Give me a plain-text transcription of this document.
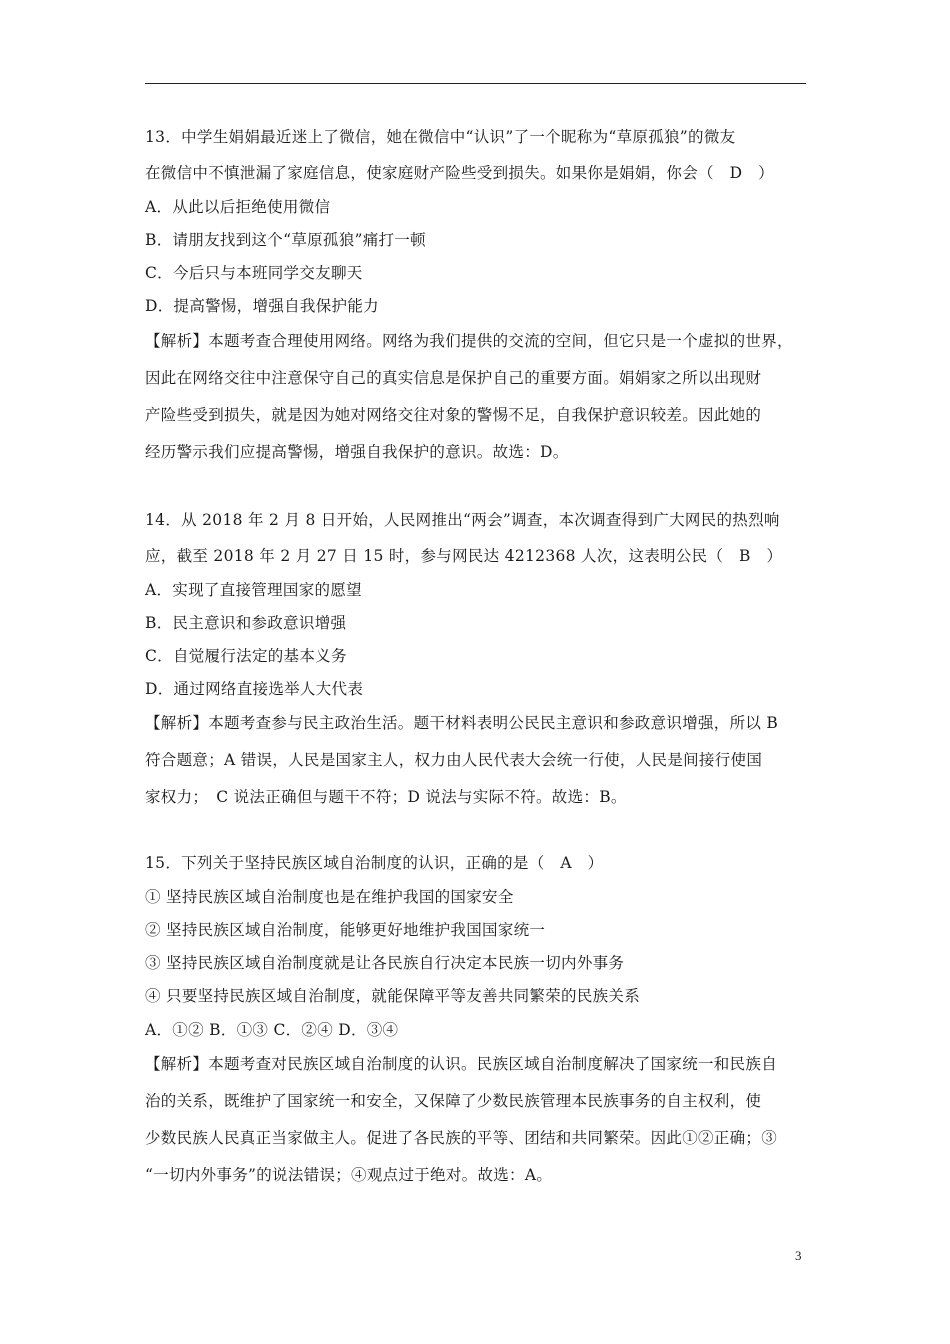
13．中学生娟娟最近迷上了微信，她在微信中“认识”了一个昵称为“草原孤狼”的微友
在微信中不慎泄漏了家庭信息，使家庭财产险些受到损失。如果你是娟娟，你会（　D　）
A．从此以后拒绝使用微信
B．请朋友找到这个“草原孤狼”痛打一顿
C．今后只与本班同学交友聊天
D．提高警惕，增强自我保护能力
【解析】本题考查合理使用网络。网络为我们提供的交流的空间，但它只是一个虚拟的世界，
因此在网络交往中注意保守自己的真实信息是保护自己的重要方面。娟娟家之所以出现财
产险些受到损失，就是因为她对网络交往对象的警惕不足，自我保护意识较差。因此她的
经历警示我们应提高警惕，增强自我保护的意识。故选：D。
14．从 2018 年 2 月 8 日开始，人民网推出“两会”调查，本次调查得到广大网民的热烈响
应，截至 2018 年 2 月 27 日 15 时，参与网民达 4212368 人次，这表明公民（　B　）
A．实现了直接管理国家的愿望
B．民主意识和参政意识增强
C．自觉履行法定的基本义务
D．通过网络直接选举人大代表
【解析】本题考查参与民主政治生活。题干材料表明公民民主意识和参政意识增强，所以 B
符合题意；A 错误，人民是国家主人，权力由人民代表大会统一行使，人民是间接行使国
家权力；　C 说法正确但与题干不符；D 说法与实际不符。故选：B。
15．下列关于坚持民族区域自治制度的认识，正确的是（　A　）
① 坚持民族区域自治制度也是在维护我国的国家安全
② 坚持民族区域自治制度，能够更好地维护我国国家统一
③ 坚持民族区域自治制度就是让各民族自行决定本民族一切内外事务
④ 只要坚持民族区域自治制度，就能保障平等友善共同繁荣的民族关系
A．①② B．①③ C．②④ D．③④
【解析】本题考查对民族区域自治制度的认识。民族区域自治制度解决了国家统一和民族自
治的关系，既维护了国家统一和安全，又保障了少数民族管理本民族事务的自主权利，使
少数民族人民真正当家做主人。促进了各民族的平等、团结和共同繁荣。因此①②正确；③
“一切内外事务”的说法错误；④观点过于绝对。故选：A。
3
